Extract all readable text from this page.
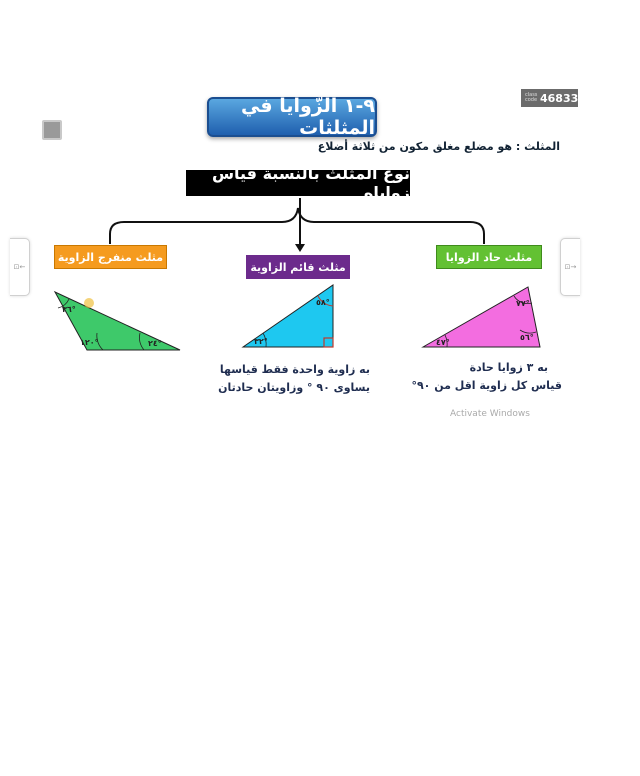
class code 46833
٩-١ الزّوايا في المثلثات
المثلث : هو مضلع مغلق مكون من ثلاثة أضلاع
نوع المثلث بالنسبة قياس زواياه
⊡←	⊡→
مثلث منفرج الزاوية
مثلث قائم الزاوية
مثلث حاد الزوايا
٣٦°
١٢٠°	٢٤°
٥٨°
٣٢°
٧٧°
٥٦°
٤٧°
به زاوية واحدة فقط قياسها
يساوى ٩٠ ° وزاويتان حادتان
به ٣ زوايا حادة
قياس كل زاوية اقل من ٩٠°
Activate Windows
